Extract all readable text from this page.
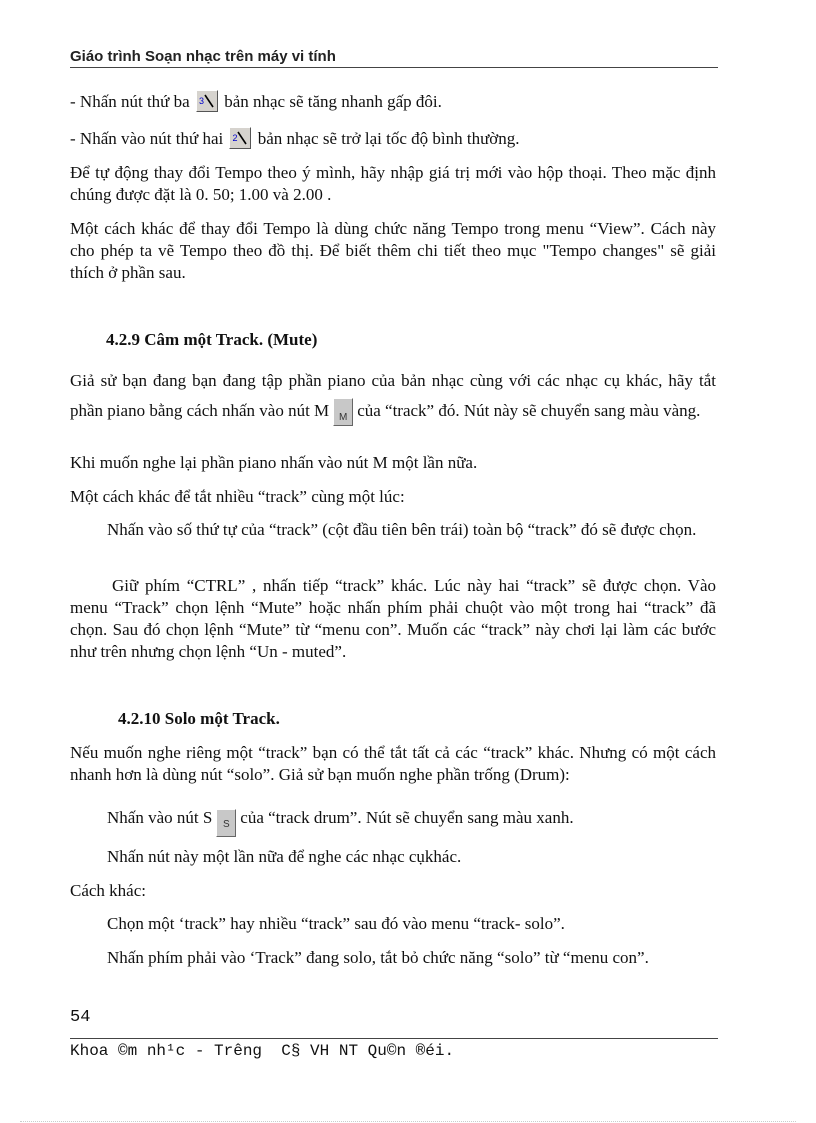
Giáo trình Soạn nhạc trên máy vi tính
- Nhấn nút thứ ba 3 bản nhạc sẽ tăng nhanh gấp đôi.
- Nhấn vào nút thứ hai 2 bản nhạc sẽ trở lại tốc độ bình thường.
Để tự động thay đổi Tempo theo ý mình, hãy nhập giá trị mới vào hộp thoại. Theo mặc định chúng được đặt là 0. 50; 1.00 và 2.00 .
Một cách khác để thay đổi Tempo là dùng chức năng Tempo trong menu “View”. Cách này cho phép ta vẽ Tempo theo đồ thị. Để biết thêm chi tiết theo mục "Tempo changes" sẽ giải thích ở phần sau.
4.2.9 Câm một Track. (Mute)
Giả sử bạn đang bạn đang tập phần piano của bản nhạc cùng với các nhạc cụ khác, hãy tắt phần piano bằng cách nhấn vào nút M M của “track” đó. Nút này sẽ chuyển sang màu vàng.
Khi muốn nghe lại phần piano nhấn vào nút M một lần nữa.
Một cách khác để tắt nhiều “track” cùng một lúc:
Nhấn vào số thứ tự của “track” (cột đầu tiên bên trái) toàn bộ “track” đó sẽ được chọn.
Giữ phím “CTRL” , nhấn tiếp “track” khác. Lúc này hai “track” sẽ được chọn. Vào menu “Track” chọn lệnh “Mute” hoặc nhấn phím phải chuột vào một trong hai “track” đã chọn. Sau đó chọn lệnh “Mute” từ “menu con”. Muốn các “track” này chơi lại làm các bước như trên nhưng chọn lệnh “Un - muted”.
4.2.10 Solo một Track.
Nếu muốn nghe riêng một “track” bạn có thể tắt tất cả các “track” khác. Nhưng có một cách nhanh hơn là dùng nút “solo”. Giả sử bạn muốn nghe phần trống (Drum):
Nhấn vào nút S	S của “track drum”. Nút sẽ chuyển sang màu xanh.
Nhấn nút này một lần nữa để nghe các nhạc cụkhác.
Cách khác:
Chọn một ‘track” hay nhiều “track” sau đó vào menu “track- solo”.
Nhấn phím phải vào ‘Track” đang solo, tắt bỏ chức năng “solo” từ “menu con”.
54
Khoa ©m nh¹c - Trêng  C§ VH NT Qu©n ®éi.
